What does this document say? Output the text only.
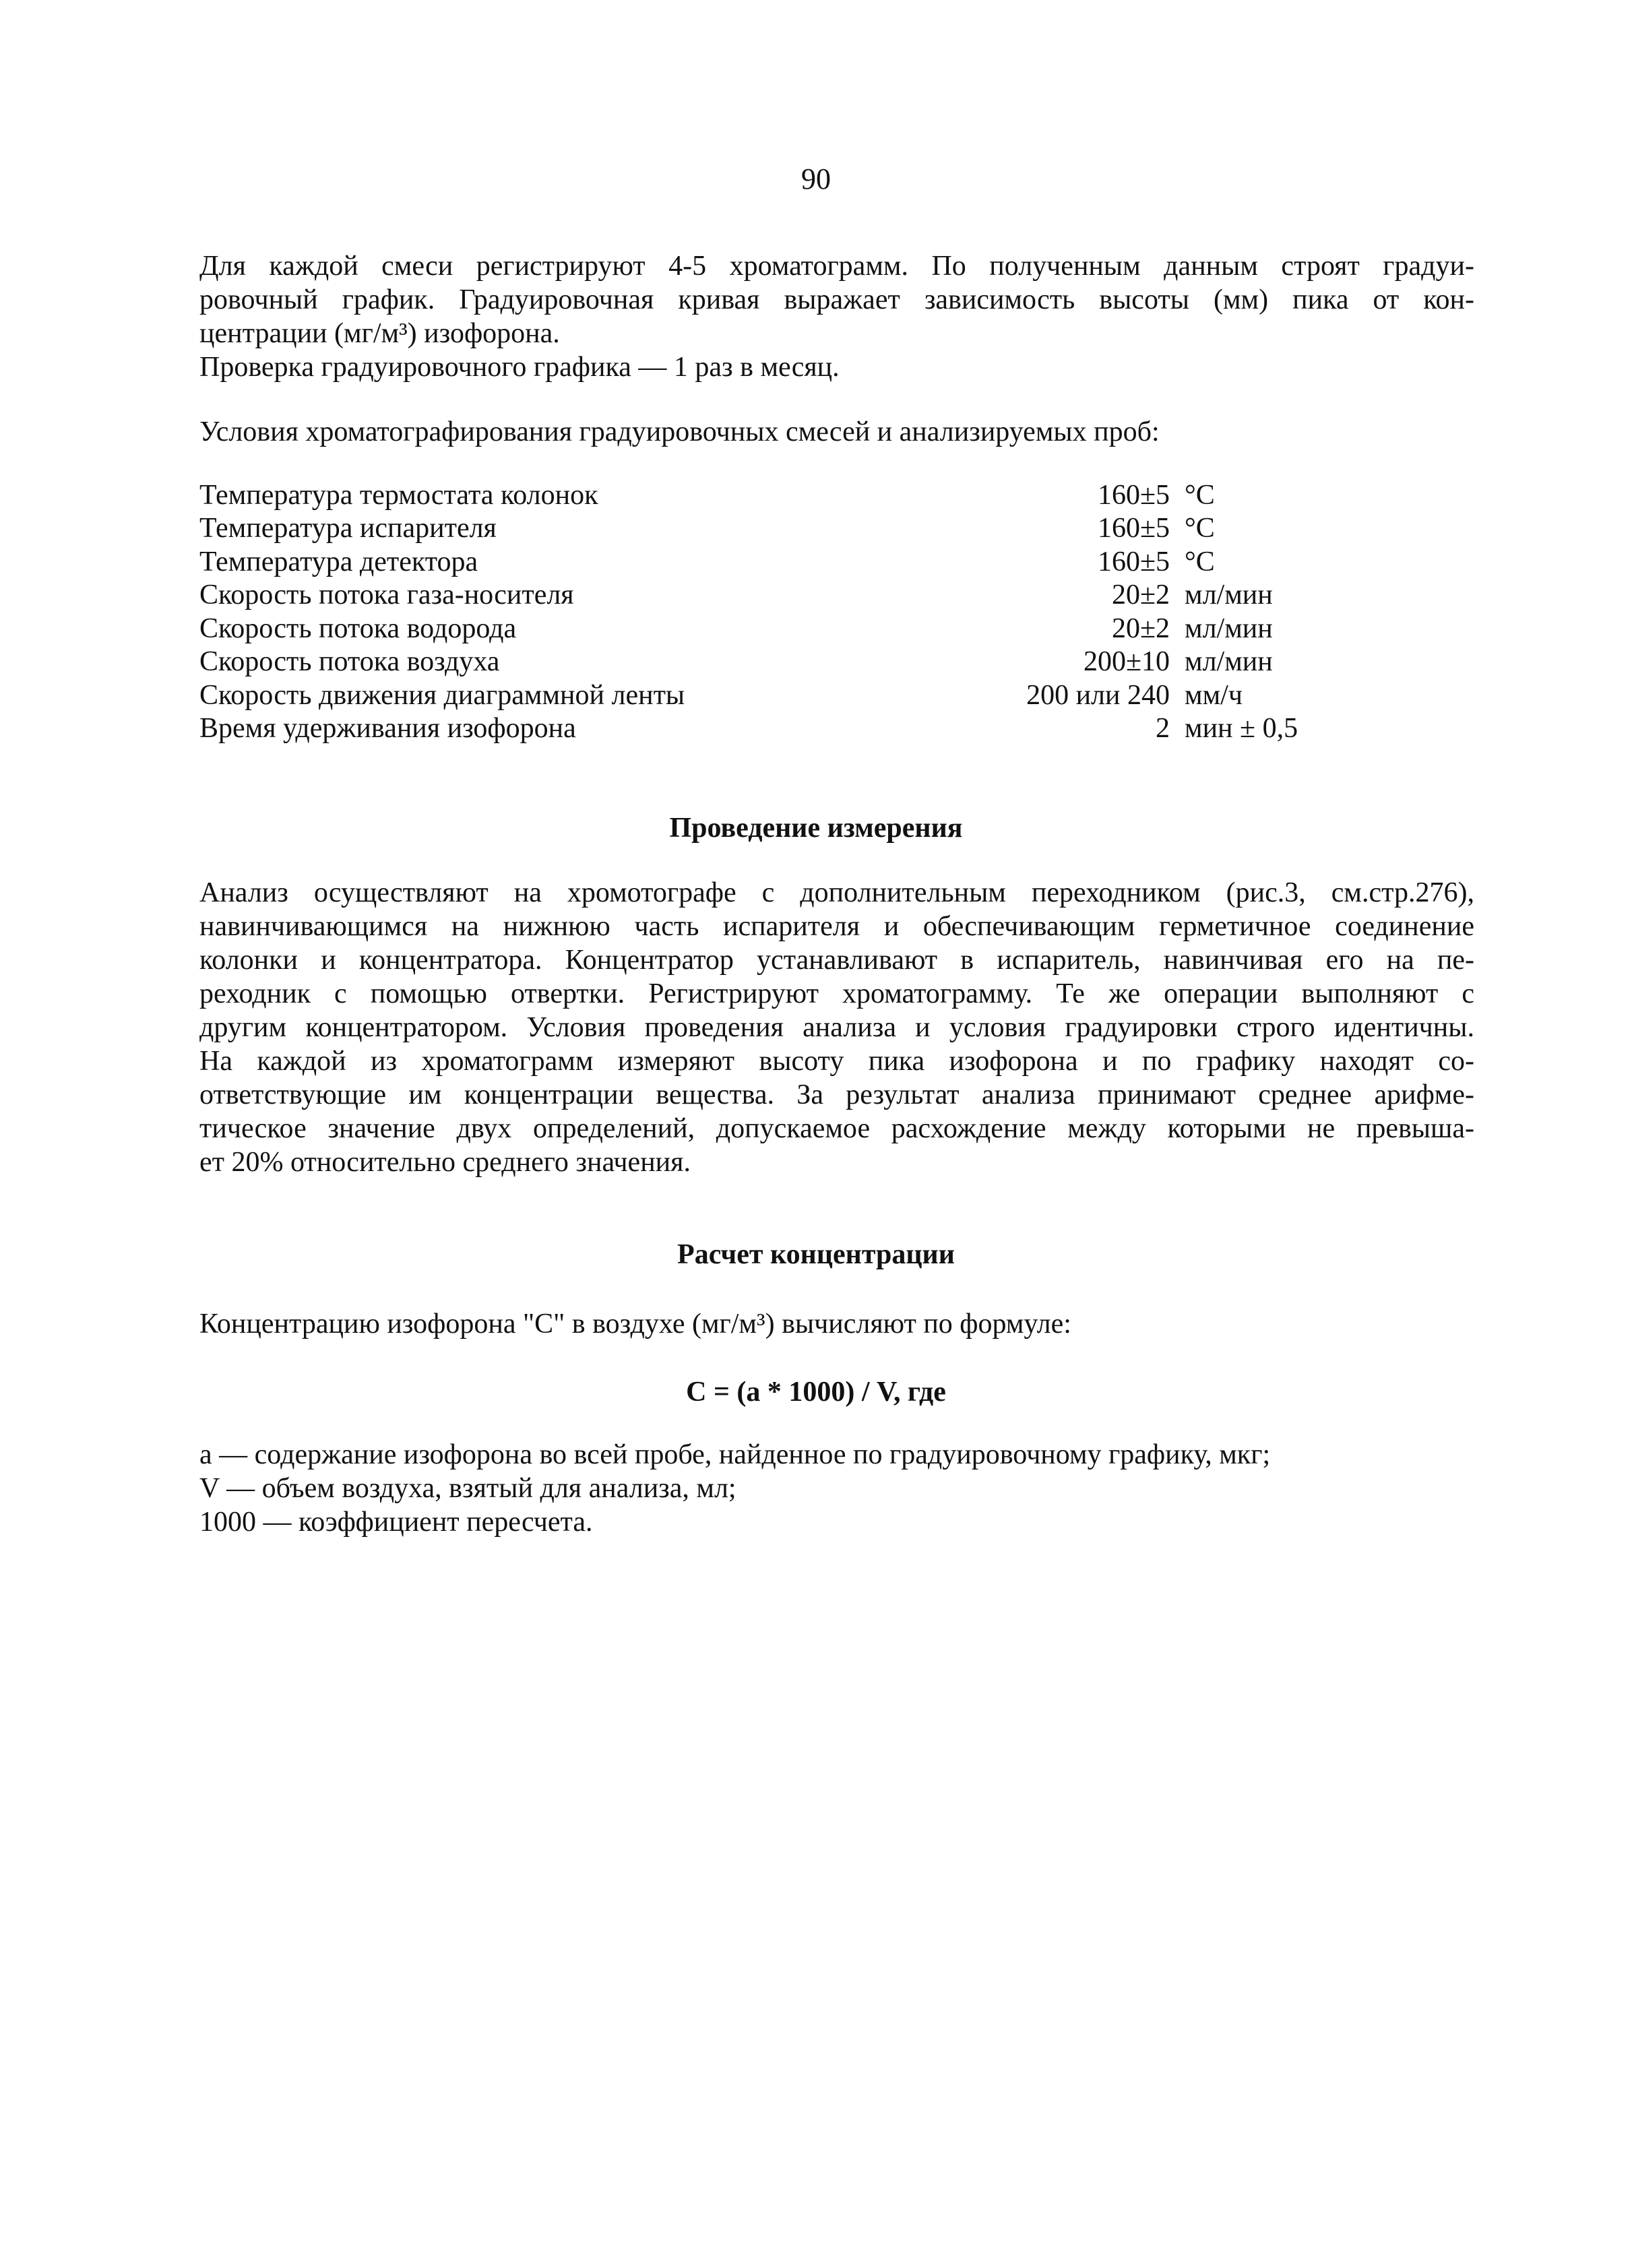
90
Для каждой смеси регистрируют 4-5 хроматограмм. По полученным данным строят градуи-
ровочный график. Градуировочная кривая выражает зависимость высоты (мм) пика от кон-
центрации (мг/м³) изофорона.
Проверка градуировочного графика — 1 раз в месяц.
Условия хроматографирования градуировочных смесей и анализируемых проб:
Температура термостата колонок	160±5	°C
Температура испарителя	160±5	°C
Температура детектора	160±5	°C
Скорость потока газа-носителя	20±2	мл/мин
Скорость потока водорода	20±2	мл/мин
Скорость потока воздуха	200±10	мл/мин
Скорость движения диаграммной ленты	200 или 240	мм/ч
Время удерживания изофорона	2	мин ± 0,5
Проведение измерения
Анализ осуществляют на хромотографе с дополнительным переходником (рис.3, см.стр.276),
навинчивающимся на нижнюю часть испарителя и обеспечивающим герметичное соединение
колонки и концентратора. Концентратор устанавливают в испаритель, навинчивая его на пе-
реходник с помощью отвертки. Регистрируют хроматограмму. Те же операции выполняют с
другим концентратором. Условия проведения анализа и условия градуировки строго идентичны.
На каждой из хроматограмм измеряют высоту пика изофорона и по графику находят со-
ответствующие им концентрации вещества. За результат анализа принимают среднее арифме-
тическое значение двух определений, допускаемое расхождение между которыми не превыша-
ет 20% относительно среднего значения.
Расчет концентрации
Концентрацию изофорона "С" в воздухе (мг/м³) вычисляют по формуле:
С = (а * 1000) / V, где
а — содержание изофорона во всей пробе, найденное по градуировочному графику, мкг;
V — объем воздуха, взятый для анализа, мл;
1000 — коэффициент пересчета.
